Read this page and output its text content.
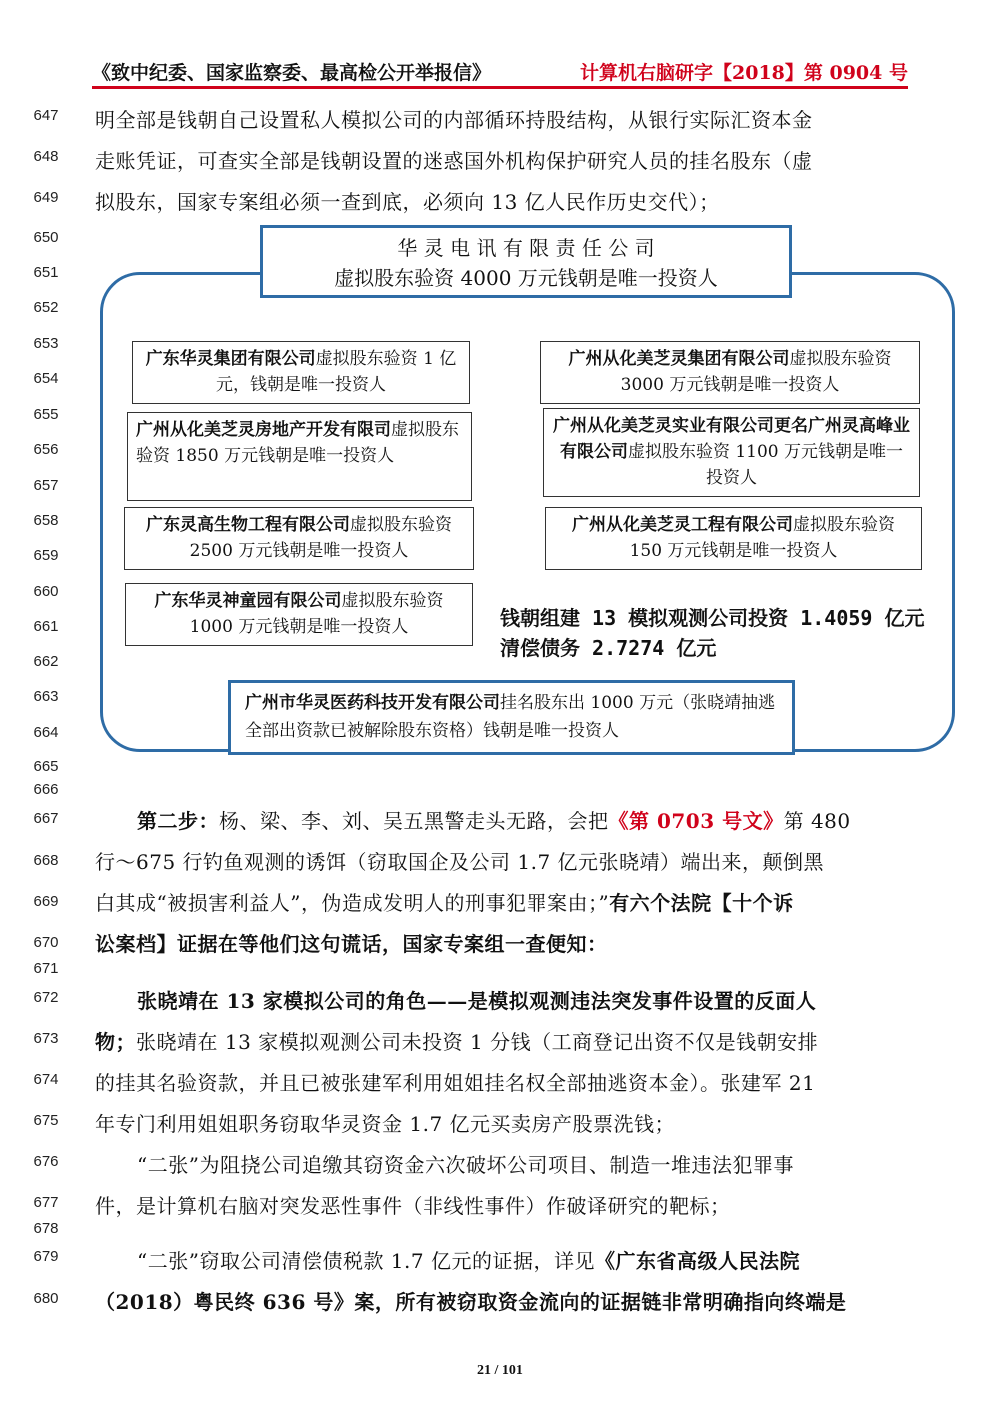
《致中纪委、国家监察委、最高检公开举报信》	计算机右脑研字【2018】第 0904 号
647
648
649
650
651
652
653
654
655
656
657
658
659
660
661
662
663
664
665
666
667
668
669
670
671
672
673
674
675
676
677
678
679
680
明全部是钱朝自己设置私人模拟公司的内部循环持股结构，从银行实际汇资本金
走账凭证，可查实全部是钱朝设置的迷惑国外机构保护研究人员的挂名股东（虚
拟股东，国家专案组必须一查到底，必须向 13 亿人民作历史交代）；
华 灵 电 讯 有 限 责 任 公 司
虚拟股东验资 4000 万元钱朝是唯一投资人
广东华灵集团有限公司虚拟股东验资 1 亿元，钱朝是唯一投资人
广州从化美芝灵房地产开发有限司虚拟股东验资 1850 万元钱朝是唯一投资人
广东灵高生物工程有限公司虚拟股东验资 2500 万元钱朝是唯一投资人
广东华灵神童园有限公司虚拟股东验资 1000 万元钱朝是唯一投资人
广州从化美芝灵集团有限公司虚拟股东验资 3000 万元钱朝是唯一投资人
广州从化美芝灵实业有限公司更名广州灵高峰业有限公司虚拟股东验资 1100 万元钱朝是唯一投资人
广州从化美芝灵工程有限公司虚拟股东验资 150 万元钱朝是唯一投资人
钱朝组建 13 模拟观测公司投资 1.4059 亿元清偿债务 2.7274 亿元
广州市华灵医药科技开发有限公司挂名股东出 1000 万元（张晓靖抽逃全部出资款已被解除股东资格）钱朝是唯一投资人
第二步：杨、梁、李、刘、吴五黑警走头无路，会把《第 0703 号文》第 480
行～675 行钓鱼观测的诱饵（窃取国企及公司 1.7 亿元张晓靖）端出来，颠倒黑
白其成“被损害利益人”，伪造成发明人的刑事犯罪案由；”有六个法院【十个诉
讼案档】证据在等他们这句谎话，国家专案组一查便知：
张晓靖在 13 家模拟公司的角色——是模拟观测违法突发事件设置的反面人
物；张晓靖在 13 家模拟观测公司未投资 1 分钱（工商登记出资不仅是钱朝安排
的挂其名验资款，并且已被张建军利用姐姐挂名权全部抽逃资本金）。张建军 21
年专门利用姐姐职务窃取华灵资金 1.7 亿元买卖房产股票洗钱；
“二张”为阻挠公司追缴其窃资金六次破坏公司项目、制造一堆违法犯罪事
件，是计算机右脑对突发恶性事件（非线性事件）作破译研究的靶标；
“二张”窃取公司清偿债税款 1.7 亿元的证据，详见《广东省高级人民法院
（2018）粤民终 636 号》案，所有被窃取资金流向的证据链非常明确指向终端是
21 / 101
